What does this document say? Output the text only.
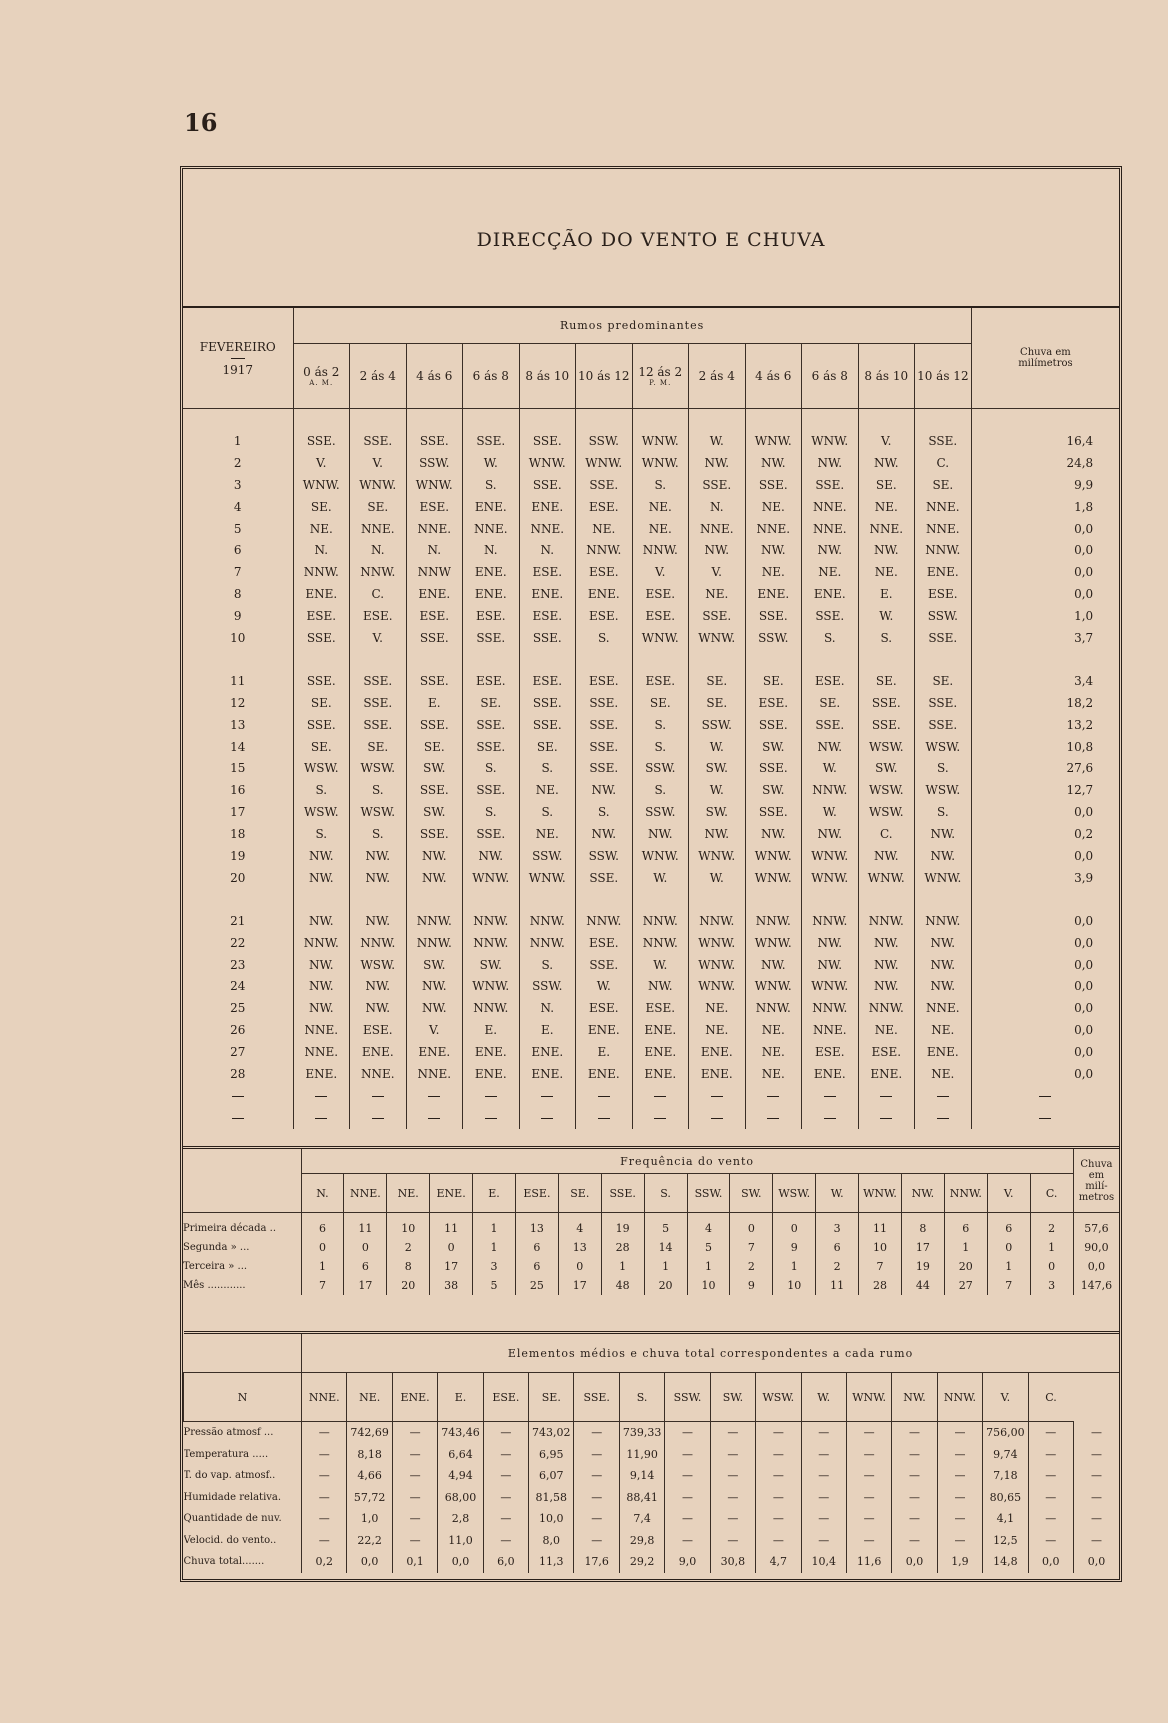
16
DIRECÇÃO DO VENTO E CHUVA
FEVEREIRO
1917	Rumos predominantes												Chuva em milímetros
	0 ás 2
A. M.	2 ás 4	4 ás 6	6 ás 8	8 ás 10	10 ás 12	12 ás 2
P. M.	2 ás 4	4 ás 6	6 ás 8	8 ás 10	10 ás 12	

1	SSE.	SSE.	SSE.	SSE.	SSE.	SSW.	WNW.	W.	WNW.	WNW.	V.	SSE.	16,4
2	V.	V.	SSW.	W.	WNW.	WNW.	WNW.	NW.	NW.	NW.	NW.	C.	24,8
3	WNW.	WNW.	WNW.	S.	SSE.	SSE.	S.	SSE.	SSE.	SSE.	SE.	SE.	9,9
4	SE.	SE.	ESE.	ENE.	ENE.	ESE.	NE.	N.	NE.	NNE.	NE.	NNE.	1,8
5	NE.	NNE.	NNE.	NNE.	NNE.	NE.	NE.	NNE.	NNE.	NNE.	NNE.	NNE.	0,0
6	N.	N.	N.	N.	N.	NNW.	NNW.	NW.	NW.	NW.	NW.	NNW.	0,0
7	NNW.	NNW.	NNW	ENE.	ESE.	ESE.	V.	V.	NE.	NE.	NE.	ENE.	0,0
8	ENE.	C.	ENE.	ENE.	ENE.	ENE.	ESE.	NE.	ENE.	ENE.	E.	ESE.	0,0
9	ESE.	ESE.	ESE.	ESE.	ESE.	ESE.	ESE.	SSE.	SSE.	SSE.	W.	SSW.	1,0
10	SSE.	V.	SSE.	SSE.	SSE.	S.	WNW.	WNW.	SSW.	S.	S.	SSE.	3,7

11	SSE.	SSE.	SSE.	ESE.	ESE.	ESE.	ESE.	SE.	SE.	ESE.	SE.	SE.	3,4
12	SE.	SSE.	E.	SE.	SSE.	SSE.	SE.	SE.	ESE.	SE.	SSE.	SSE.	18,2
13	SSE.	SSE.	SSE.	SSE.	SSE.	SSE.	S.	SSW.	SSE.	SSE.	SSE.	SSE.	13,2
14	SE.	SE.	SE.	SSE.	SE.	SSE.	S.	W.	SW.	NW.	WSW.	WSW.	10,8
15	WSW.	WSW.	SW.	S.	S.	SSE.	SSW.	SW.	SSE.	W.	SW.	S.	27,6
16	S.	S.	SSE.	SSE.	NE.	NW.	S.	W.	SW.	NNW.	WSW.	WSW.	12,7
17	WSW.	WSW.	SW.	S.	S.	S.	SSW.	SW.	SSE.	W.	WSW.	S.	0,0
18	S.	S.	SSE.	SSE.	NE.	NW.	NW.	NW.	NW.	NW.	C.	NW.	0,2
19	NW.	NW.	NW.	NW.	SSW.	SSW.	WNW.	WNW.	WNW.	WNW.	NW.	NW.	0,0
20	NW.	NW.	NW.	WNW.	WNW.	SSE.	W.	W.	WNW.	WNW.	WNW.	WNW.	3,9

21	NW.	NW.	NNW.	NNW.	NNW.	NNW.	NNW.	NNW.	NNW.	NNW.	NNW.	NNW.	0,0
22	NNW.	NNW.	NNW.	NNW.	NNW.	ESE.	NNW.	WNW.	WNW.	NW.	NW.	NW.	0,0
23	NW.	WSW.	SW.	SW.	S.	SSE.	W.	WNW.	NW.	NW.	NW.	NW.	0,0
24	NW.	NW.	NW.	WNW.	SSW.	W.	NW.	WNW.	WNW.	WNW.	NW.	NW.	0,0
25	NW.	NW.	NW.	NNW.	N.	ESE.	ESE.	NE.	NNW.	NNW.	NNW.	NNE.	0,0
26	NNE.	ESE.	V.	E.	E.	ENE.	ENE.	NE.	NE.	NNE.	NE.	NE.	0,0
27	NNE.	ENE.	ENE.	ENE.	ENE.	E.	ENE.	ENE.	NE.	ESE.	ESE.	ENE.	0,0
28	ENE.	NNE.	NNE.	ENE.	ENE.	ENE.	ENE.	ENE.	NE.	ENE.	ENE.	NE.	0,0

	Frequência do vento																		Chuva em milí-metros
	N.	NNE.	NE.	ENE.	E.	ESE.	SE.	SSE.	S.	SSW.	SW.	WSW.	W.	WNW.	NW.	NNW.	V.	C.	
Primeira década ..	6	11	10	11	1	13	4	19	5	4	0	0	3	11	8	6	6	2	57,6
Segunda » ...	0	0	2	0	1	6	13	28	14	5	7	9	6	10	17	1	0	1	90,0
Terceira » ...	1	6	8	17	3	6	0	1	1	1	2	1	2	7	19	20	1	0	0,0
Mês ............	7	17	20	38	5	25	17	48	20	10	9	10	11	28	44	27	7	3	147,6
	Elementos médios e chuva total correspondentes a cada rumo																	
N	NNE.	NE.	ENE.	E.	ESE.	SE.	SSE.	S.	SSW.	SW.	WSW.	W.	WNW.	NW.	NNW.	V.	C.	
Pressão atmosf ...	—	742,69	—	743,46	—	743,02	—	739,33	—	—	—	—	—	—	—	756,00	—	—
Temperatura .....	—	8,18	—	6,64	—	6,95	—	11,90	—	—	—	—	—	—	—	9,74	—	—
T. do vap. atmosf..	—	4,66	—	4,94	—	6,07	—	9,14	—	—	—	—	—	—	—	7,18	—	—
Humidade relativa.	—	57,72	—	68,00	—	81,58	—	88,41	—	—	—	—	—	—	—	80,65	—	—
Quantidade de nuv.	—	1,0	—	2,8	—	10,0	—	7,4	—	—	—	—	—	—	—	4,1	—	—
Velocid. do vento..	—	22,2	—	11,0	—	8,0	—	29,8	—	—	—	—	—	—	—	12,5	—	—
Chuva total.......	0,2	0,0	0,1	0,0	6,0	11,3	17,6	29,2	9,0	30,8	4,7	10,4	11,6	0,0	1,9	14,8	0,0	0,0
